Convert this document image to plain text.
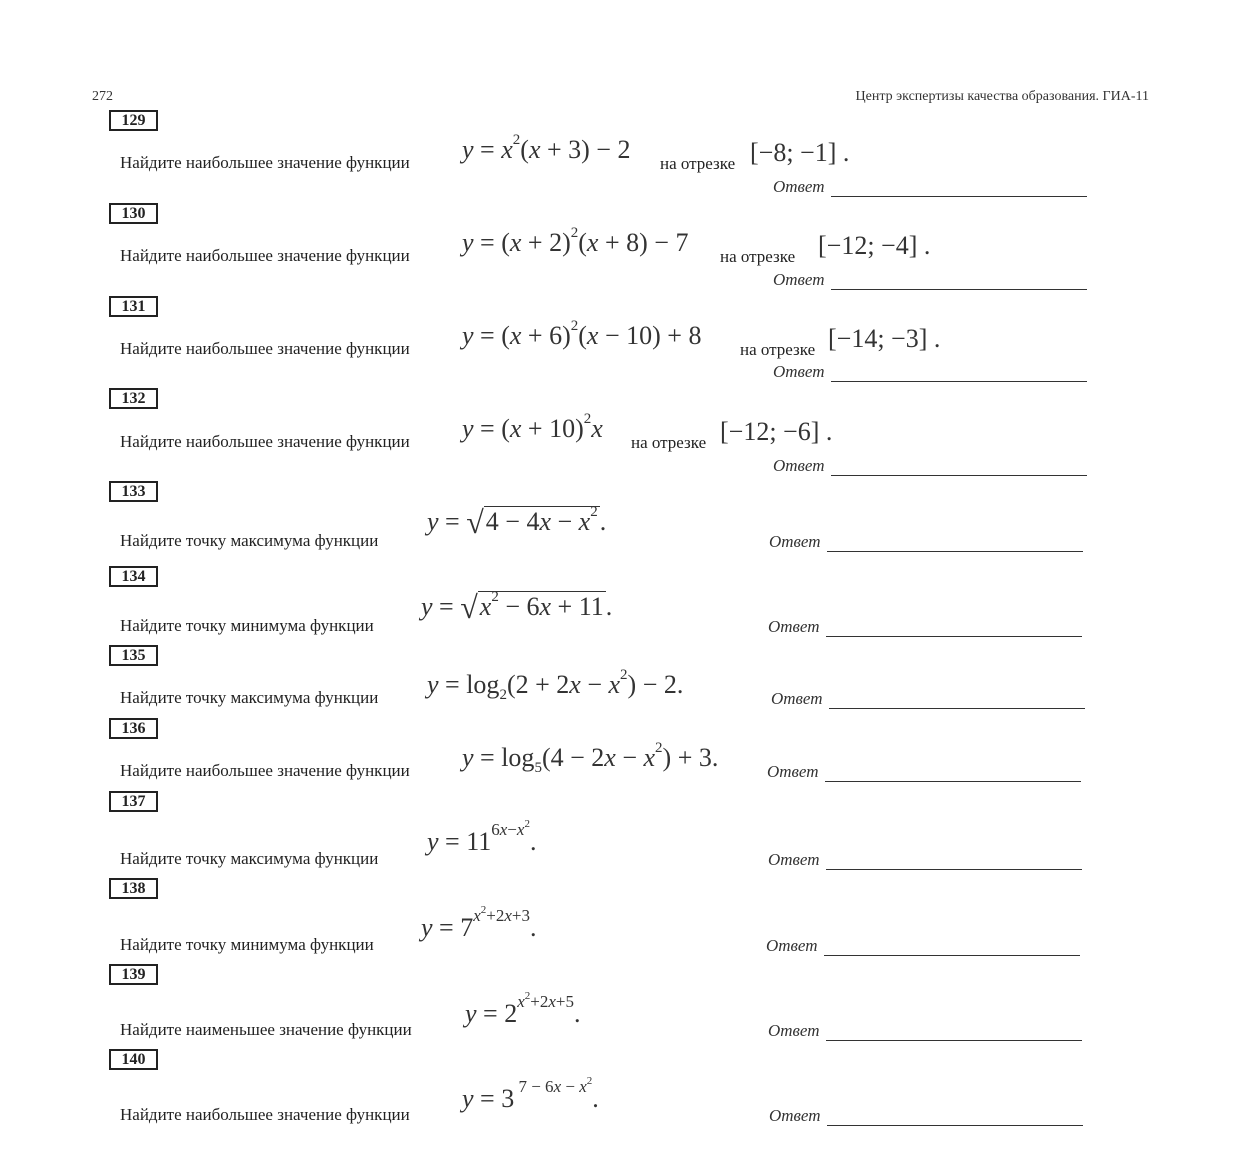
272	Центр экспертизы качества образования. ГИА-11
129
Найдите наибольшее значение функции $y = x^2(x + 3) - 2$ на отрезке [−8; −1] .
Ответ
130
Найдите наибольшее значение функции $y = (x + 2)^2(x + 8) - 7$ на отрезке [−12; −4] .
Ответ
131
Найдите наибольшее значение функции $y = (x + 6)^2(x - 10) + 8$ на отрезке [−14; −3] .
Ответ
132
Найдите наибольшее значение функции $y = (x + 10)^2x$ на отрезке [−12; −6] .
Ответ
133
Найдите точку максимума функции
$y = √4 - 4x - x^2$.
Ответ
134
Найдите точку минимума функции
$y = √x^2 - 6x + 11$.
Ответ
135
Найдите точку максимума функции $y = \log_2(2 + 2x - x^2) - 2$.	Ответ
136
Найдите наибольшее значение функции $y = \log_5(4 - 2x - x^2) + 3$.	Ответ
137
Найдите точку максимума функции
$y = 11^{6x-x^2}$.
Ответ
138
Найдите точку минимума функции
$y = 7^{x^2+2x+3}$.
Ответ
139
Найдите наименьшее значение функции
$y = 2^{x^2+2x+5}$.
Ответ
140
Найдите наибольшее значение функции
y = 3 $^{7 - 6x - x^2}$.
Ответ
